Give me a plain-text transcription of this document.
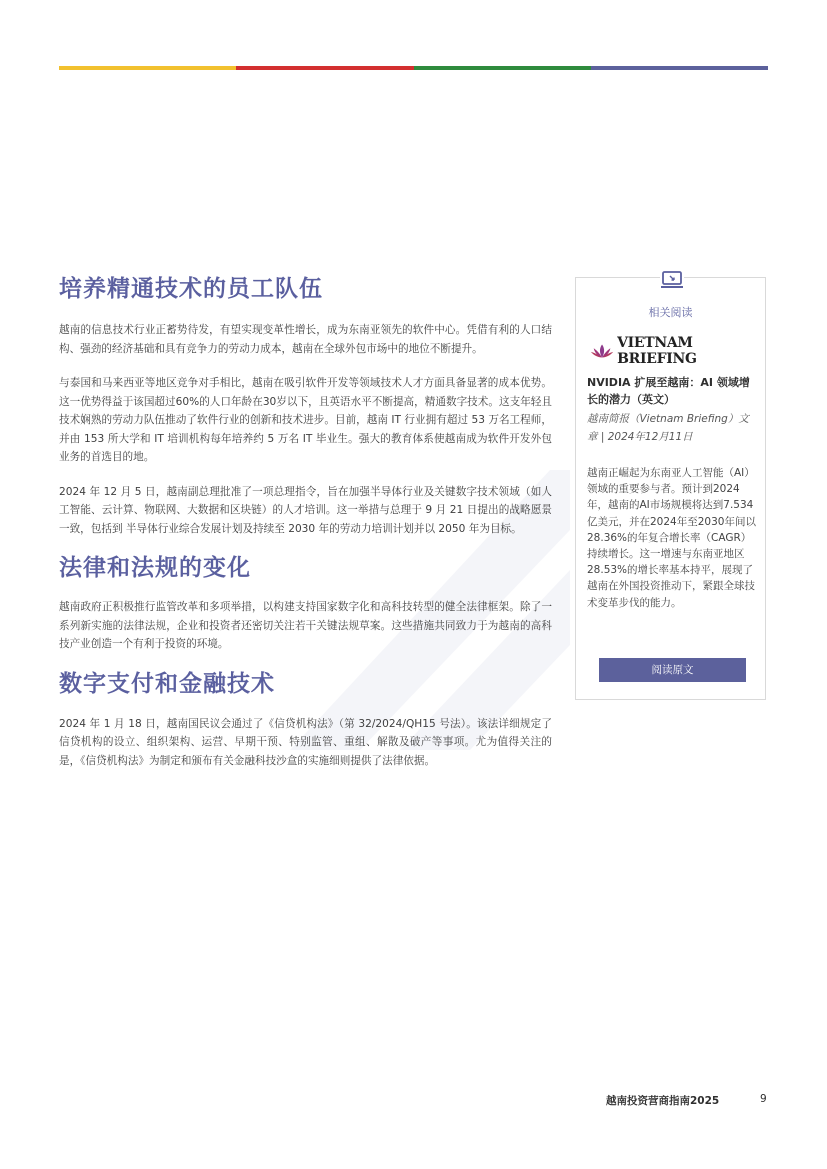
培养精通技术的员工队伍

越南的信息技术行业正蓄势待发，有望实现变革性增长，成为东南亚领先的软件中心。凭借有利的人口结构、强劲的经济基础和具有竞争力的劳动力成本，越南在全球外包市场中的地位不断提升。

与泰国和马来西亚等地区竞争对手相比，越南在吸引软件开发等领域技术人才方面具备显著的成本优势。这一优势得益于该国超过60%的人口年龄在30岁以下，且英语水平不断提高，精通数字技术。这支年轻且技术娴熟的劳动力队伍推动了软件行业的创新和技术进步。目前，越南 IT 行业拥有超过 53 万名工程师，并由 153 所大学和 IT 培训机构每年培养约 5 万名 IT 毕业生。强大的教育体系使越南成为软件开发外包业务的首选目的地。

2024 年 12 月 5 日，越南副总理批准了一项总理指令，旨在加强半导体行业及关键数字技术领域（如人工智能、云计算、物联网、大数据和区块链）的人才培训。这一举措与总理于 9 月 21 日提出的战略愿景一致，包括到 半导体行业综合发展计划及持续至 2030 年的劳动力培训计划并以 2050 年为目标。

法律和法规的变化

越南政府正积极推行监管改革和多项举措，以构建支持国家数字化和高科技转型的健全法律框架。除了一系列新实施的法律法规，企业和投资者还密切关注若干关键法规草案。这些措施共同致力于为越南的高科技产业创造一个有利于投资的环境。

数字支付和金融技术

2024 年 1 月 18 日，越南国民议会通过了《信贷机构法》（第 32/2024/QH15 号法）。该法详细规定了信贷机构的设立、组织架构、运营、早期干预、特别监管、重组、解散及破产等事项。尤为值得关注的是，《信贷机构法》为制定和颁布有关金融科技沙盒的实施细则提供了法律依据。

相关阅读
VIETNAM BRIEFING
NVIDIA 扩展至越南：AI 领域增长的潜力（英文）
越南简报（Vietnam Briefing）文章 | 2024年12月11日
越南正崛起为东南亚人工智能（AI）领域的重要参与者。预计到2024年，越南的AI市场规模将达到7.534亿美元，并在2024年至2030年间以28.36%的年复合增长率（CAGR）持续增长。这一增速与东南亚地区28.53%的增长率基本持平，展现了越南在外国投资推动下，紧跟全球技术变革步伐的能力。
阅读原文
越南投资营商指南2025	9
